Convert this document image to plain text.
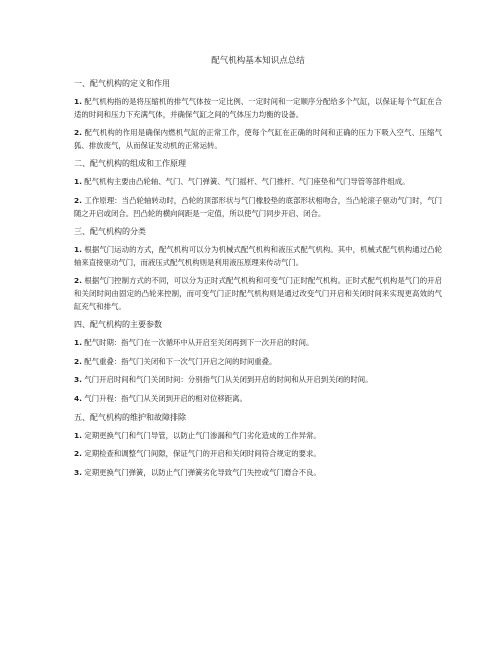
配气机构基本知识点总结
一、配气机构的定义和作用

1. 配气机构指的是将压缩机的排气气体按一定比例、一定时间和一定顺序分配给多个气缸，以保证每个气缸在合适的时间和压力下充满气体，并确保气缸之间的气体压力均衡的设备。

2. 配气机构的作用是确保内燃机气缸的正常工作，使每个气缸在正确的时间和正确的压力下吸入空气、压缩气狐、排放废气，从而保证发动机的正常运转。

二、配气机构的组成和工作原理

1. 配气机构主要由凸轮轴、气门、气门弹簧、气门摇杆、气门推杆、气门座垫和气门导管等部件组成。

2. 工作原理：当凸轮轴转动时，凸轮的顶部形状与气门橡胶垫的底部形状相吻合，当凸轮滚子驱动气门时，气门随之开启或闭合。凹凸轮的横向间距是一定值，所以使气门同步开启、闭合。

三、配气机构的分类

1. 根据气门运动的方式，配气机构可以分为机械式配气机构和液压式配气机构。其中，机械式配气机构通过凸轮轴来直接驱动气门，而液压式配气机构则是利用液压原理来传动气门。

2. 根据气门控制方式的不同，可以分为正时式配气机构和可变气门正时配气机构。正时式配气机构是气门的开启和关闭时间由固定的凸轮来控制，而可变气门正时配气机构则是通过改变气门开启和关闭时间来实现更高效的气缸充气和排气。

四、配气机构的主要参数

1. 配气时期：指气门在一次循环中从开启至关闭再到下一次开启的时间。

2. 配气重叠：指气门关闭和下一次气门开启之间的时间重叠。

3. 气门开启时间和气门关闭时间：分别指气门从关闭到开启的时间和从开启到关闭的时间。

4. 气门升程：指气门从关闭到开启的相对位移距离。

五、配气机构的维护和故障排除

1. 定期更换气门和气门导管，以防止气门渗漏和气门劣化造成的工作异常。

2. 定期检查和调整气门间隙，保证气门的开启和关闭时间符合规定的要求。

3. 定期更换气门弹簧，以防止气门弹簧劣化导致气门失控或气门磨合不良。
